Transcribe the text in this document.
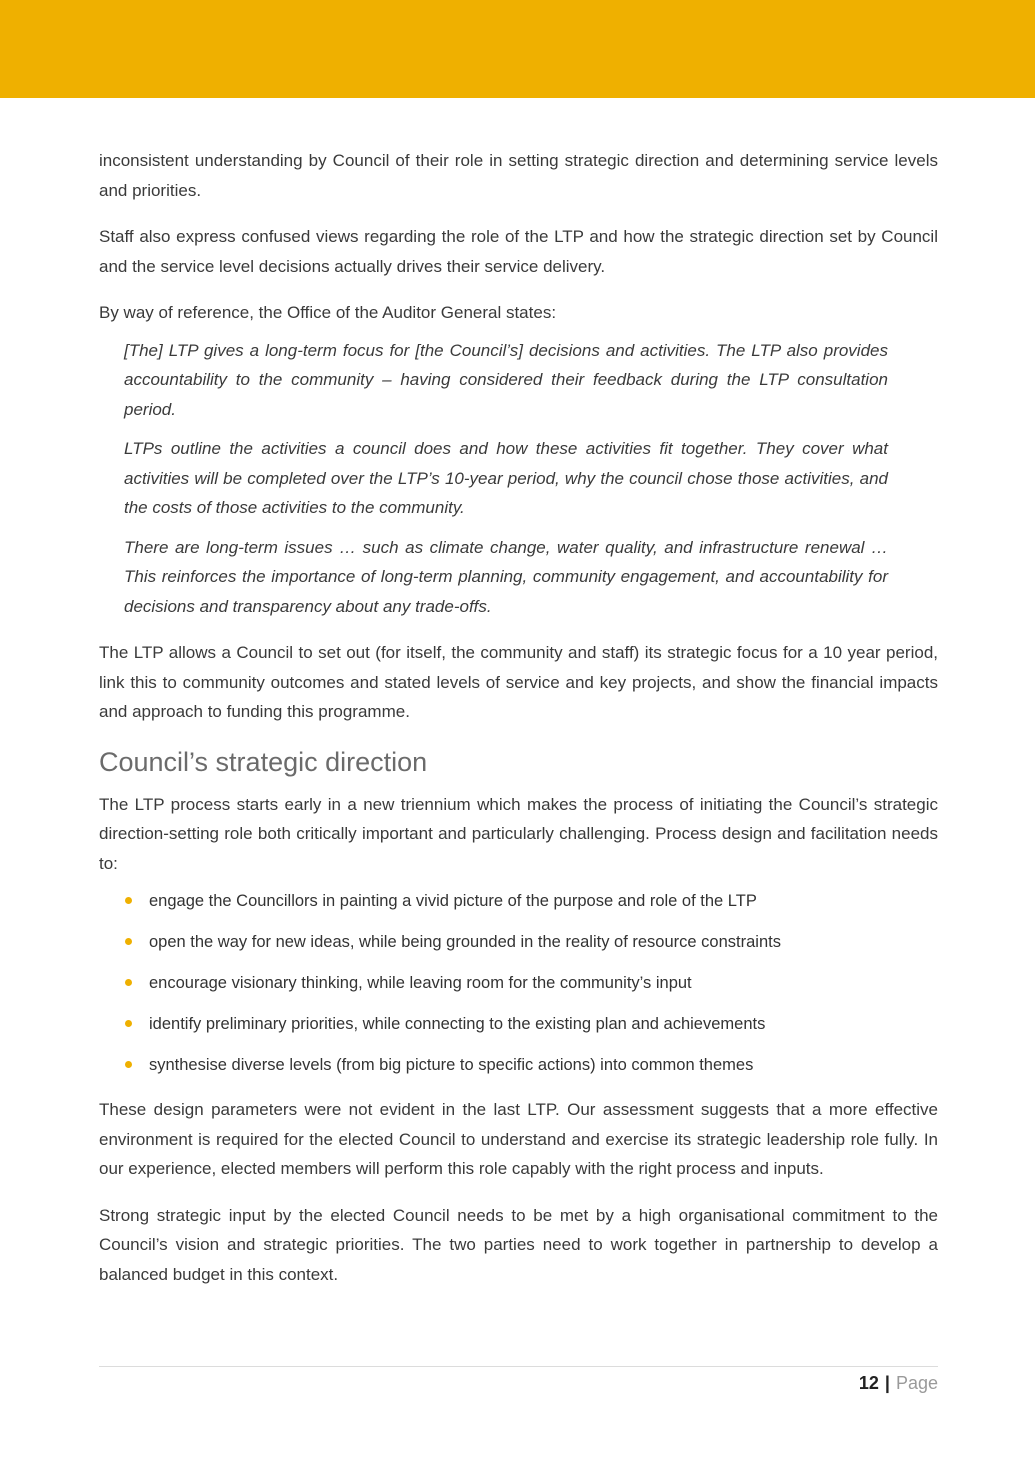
inconsistent understanding by Council of their role in setting strategic direction and determining service levels and priorities.

Staff also express confused views regarding the role of the LTP and how the strategic direction set by Council and the service level decisions actually drives their service delivery.

By way of reference, the Office of the Auditor General states:

[The] LTP gives a long-term focus for [the Council’s] decisions and activities. The LTP also provides accountability to the community – having considered their feedback during the LTP consultation period.
LTPs outline the activities a council does and how these activities fit together. They cover what activities will be completed over the LTP’s 10-year period, why the council chose those activities, and the costs of those activities to the community.
There are long-term issues … such as climate change, water quality, and infrastructure renewal … This reinforces the importance of long-term planning, community engagement, and accountability for decisions and transparency about any trade-offs.

The LTP allows a Council to set out (for itself, the community and staff) its strategic focus for a 10 year period, link this to community outcomes and stated levels of service and key projects, and show the financial impacts and approach to funding this programme.

Council’s strategic direction

The LTP process starts early in a new triennium which makes the process of initiating the Council’s strategic direction-setting role both critically important and particularly challenging. Process design and facilitation needs to:

engage the Councillors in painting a vivid picture of the purpose and role of the LTP
open the way for new ideas, while being grounded in the reality of resource constraints
encourage visionary thinking, while leaving room for the community’s input
identify preliminary priorities, while connecting to the existing plan and achievements
synthesise diverse levels (from big picture to specific actions) into common themes

These design parameters were not evident in the last LTP. Our assessment suggests that a more effective environment is required for the elected Council to understand and exercise its strategic leadership role fully. In our experience, elected members will perform this role capably with the right process and inputs.

Strong strategic input by the elected Council needs to be met by a high organisational commitment to the Council’s vision and strategic priorities. The two parties need to work together in partnership to develop a balanced budget in this context.

12 | Page
